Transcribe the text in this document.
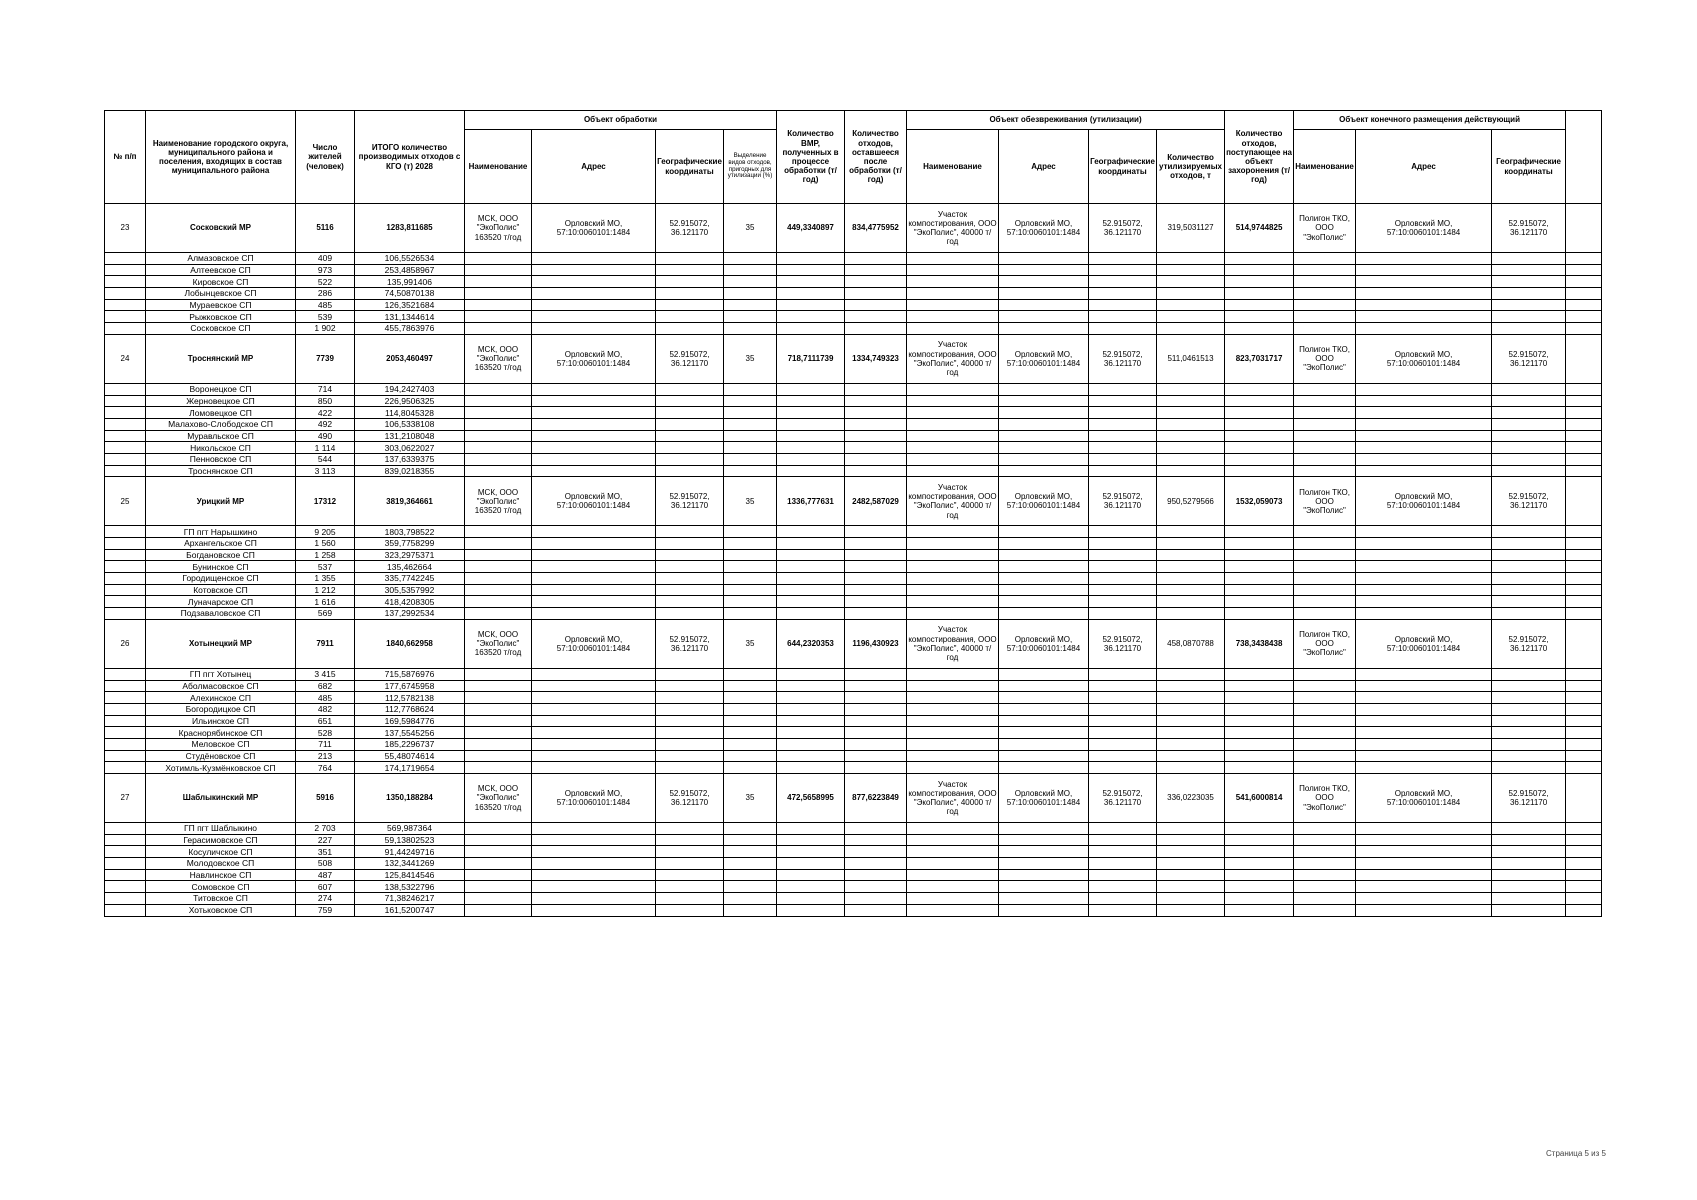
№ п/п	Наименование городского округа, муниципального района и поселения, входящих в состав муниципального района	Число жителей (человек)	ИТОГО количество производимых отходов с КГО (т) 2028	Объект обработки				Количество ВМР, полученных в процессе обработки (т/год)	Количество отходов, оставшееся после обработки (т/год)	Объект обезвреживания (утилизации)				Количество отходов, поступающее на объект захоронения (т/год)	Объект конечного размещения действующий			
				Наименование	Адрес	Географические координаты	Выделение видов отходов, пригодных для утилизации (%)			Наименование	Адрес	Географические координаты	Количество утилизируемых отходов, т		Наименование	Адрес	Географические координаты	
23	Сосковский МР	5116	1283,811685	МСК, ООО "ЭкоПолис" 163520 т/год	Орловский МО, 57:10:0060101:1484	52.915072, 36.121170	35	449,3340897	834,4775952	Участок компостирования, ООО "ЭкоПолис", 40000 т/год	Орловский МО, 57:10:0060101:1484	52.915072, 36.121170	319,5031127	514,9744825	Полигон ТКО, ООО "ЭкоПолис"	Орловский МО, 57:10:0060101:1484	52.915072, 36.121170	
	Алмазовское СП	409	106,5526534															
	Алтеевское СП	973	253,4858967															
	Кировское СП	522	135,991406															
	Лобынцевское СП	286	74,50870138															
	Мураевское СП	485	126,3521684															
	Рыжковское СП	539	131,1344614															
	Сосковское СП	1 902	455,7863976															
24	Троснянский МР	7739	2053,460497	МСК, ООО "ЭкоПолис" 163520 т/год	Орловский МО, 57:10:0060101:1484	52.915072, 36.121170	35	718,7111739	1334,749323	Участок компостирования, ООО "ЭкоПолис", 40000 т/год	Орловский МО, 57:10:0060101:1484	52.915072, 36.121170	511,0461513	823,7031717	Полигон ТКО, ООО "ЭкоПолис"	Орловский МО, 57:10:0060101:1484	52.915072, 36.121170	
	Воронецкое СП	714	194,2427403															
	Жерновецкое СП	850	226,9506325															
	Ломовецкое СП	422	114,8045328															
	Малахово-Слободское СП	492	106,5338108															
	Муравльское СП	490	131,2108048															
	Никольское СП	1 114	303,0622027															
	Пенновское СП	544	137,6339375															
	Троснянское СП	3 113	839,0218355															
25	Урицкий МР	17312	3819,364661	МСК, ООО "ЭкоПолис" 163520 т/год	Орловский МО, 57:10:0060101:1484	52.915072, 36.121170	35	1336,777631	2482,587029	Участок компостирования, ООО "ЭкоПолис", 40000 т/год	Орловский МО, 57:10:0060101:1484	52.915072, 36.121170	950,5279566	1532,059073	Полигон ТКО, ООО "ЭкоПолис"	Орловский МО, 57:10:0060101:1484	52.915072, 36.121170	
	ГП пгт Нарышкино	9 205	1803,798522															
	Архангельское СП	1 560	359,7758299															
	Богдановское СП	1 258	323,2975371															
	Бунинское СП	537	135,462664															
	Городищенское СП	1 355	335,7742245															
	Котовское СП	1 212	305,5357992															
	Луначарское СП	1 616	418,4208305															
	Подзаваловское СП	569	137,2992534															
26	Хотынецкий МР	7911	1840,662958	МСК, ООО "ЭкоПолис" 163520 т/год	Орловский МО, 57:10:0060101:1484	52.915072, 36.121170	35	644,2320353	1196,430923	Участок компостирования, ООО "ЭкоПолис", 40000 т/год	Орловский МО, 57:10:0060101:1484	52.915072, 36.121170	458,0870788	738,3438438	Полигон ТКО, ООО "ЭкоПолис"	Орловский МО, 57:10:0060101:1484	52.915072, 36.121170	
	ГП пгт Хотынец	3 415	715,5876976															
	Аболмасовское СП	682	177,6745958															
	Алехинское СП	485	112,5782138															
	Богородицкое СП	482	112,7768624															
	Ильинское СП	651	169,5984776															
	Краснорябинское СП	528	137,5545256															
	Меловское СП	711	185,2296737															
	Студёновское СП	213	55,48074614															
	Хотимль-Кузмёнковское СП	764	174,1719654															
27	Шаблыкинский МР	5916	1350,188284	МСК, ООО "ЭкоПолис" 163520 т/год	Орловский МО, 57:10:0060101:1484	52.915072, 36.121170	35	472,5658995	877,6223849	Участок компостирования, ООО "ЭкоПолис", 40000 т/год	Орловский МО, 57:10:0060101:1484	52.915072, 36.121170	336,0223035	541,6000814	Полигон ТКО, ООО "ЭкоПолис"	Орловский МО, 57:10:0060101:1484	52.915072, 36.121170	
	ГП пгт Шаблыкино	2 703	569,987364															
	Герасимовское СП	227	59,13802523															
	Косуличское СП	351	91,44249716															
	Молодовское СП	508	132,3441269															
	Навлинское СП	487	125,8414546															
	Сомовское СП	607	138,5322796															
	Титовское СП	274	71,38246217															
	Хотьковское СП	759	161,5200747															
Страница 5 из 5
